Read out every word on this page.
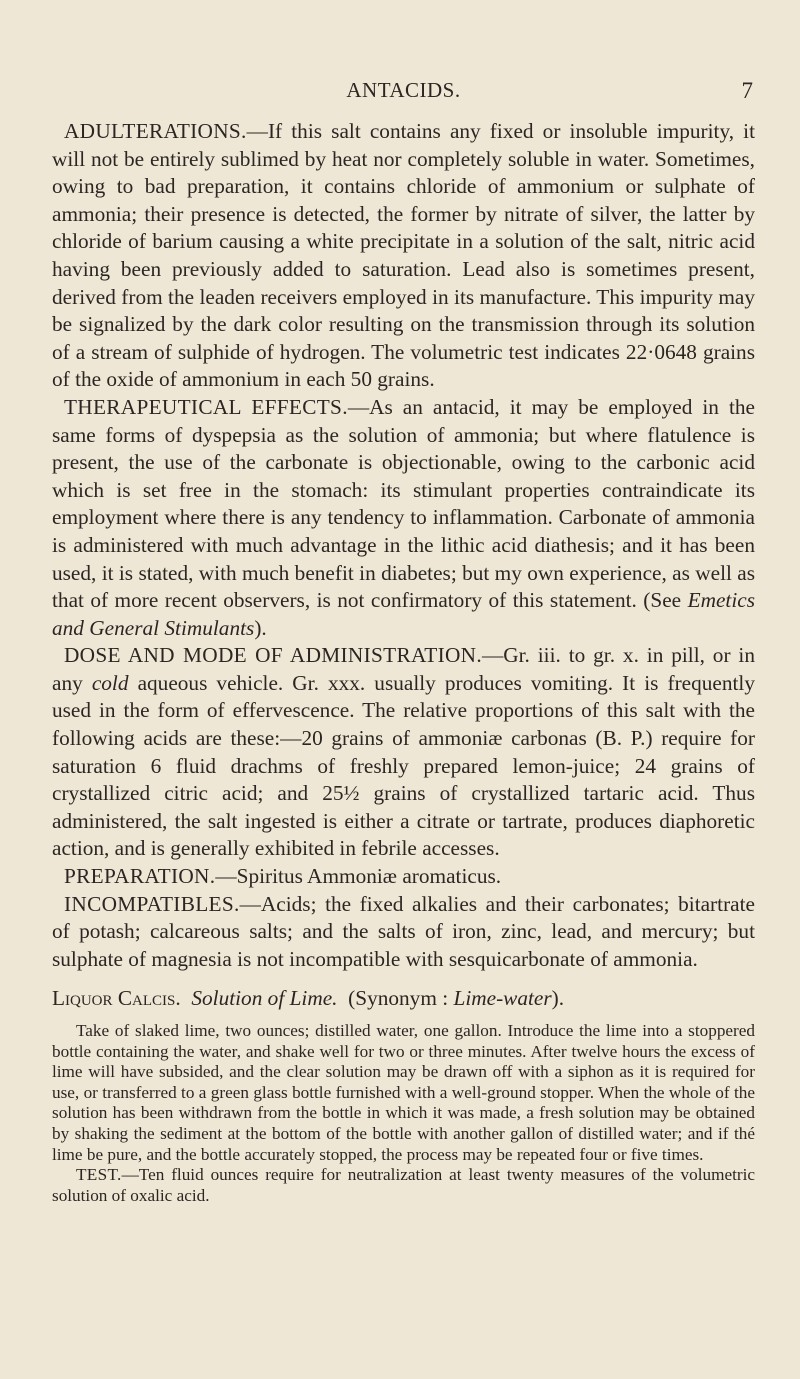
ANTACIDS.	7

ADULTERATIONS.—If this salt contains any fixed or insoluble impurity, it will not be entirely sublimed by heat nor completely soluble in water. Sometimes, owing to bad preparation, it contains chloride of ammonium or sulphate of ammonia; their presence is detected, the former by nitrate of silver, the latter by chloride of barium causing a white precipitate in a solution of the salt, nitric acid having been previously added to saturation. Lead also is sometimes present, derived from the leaden receivers employed in its manufacture. This impurity may be signalized by the dark color resulting on the transmission through its solution of a stream of sulphide of hydrogen. The volumetric test indicates 22·0648 grains of the oxide of ammonium in each 50 grains.

THERAPEUTICAL EFFECTS.—As an antacid, it may be employed in the same forms of dyspepsia as the solution of ammonia; but where flatulence is present, the use of the carbonate is objectionable, owing to the carbonic acid which is set free in the stomach: its stimulant properties contraindicate its employment where there is any tendency to inflammation. Carbonate of ammonia is administered with much advantage in the lithic acid diathesis; and it has been used, it is stated, with much benefit in diabetes; but my own experience, as well as that of more recent observers, is not confirmatory of this statement. (See Emetics and General Stimulants).

DOSE AND MODE OF ADMINISTRATION.—Gr. iii. to gr. x. in pill, or in any cold aqueous vehicle. Gr. xxx. usually produces vomiting. It is frequently used in the form of effervescence. The relative proportions of this salt with the following acids are these:—20 grains of ammoniæ carbonas (B. P.) require for saturation 6 fluid drachms of freshly prepared lemon-juice; 24 grains of crystallized citric acid; and 25½ grains of crystallized tartaric acid. Thus administered, the salt ingested is either a citrate or tartrate, produces diaphoretic action, and is generally exhibited in febrile accesses.

PREPARATION.—Spiritus Ammoniæ aromaticus.

INCOMPATIBLES.—Acids; the fixed alkalies and their carbonates; bitartrate of potash; calcareous salts; and the salts of iron, zinc, lead, and mercury; but sulphate of magnesia is not incompatible with sesquicarbonate of ammonia.

Liquor Calcis. Solution of Lime. (Synonym : Lime-water).

Take of slaked lime, two ounces; distilled water, one gallon. Introduce the lime into a stoppered bottle containing the water, and shake well for two or three minutes. After twelve hours the excess of lime will have subsided, and the clear solution may be drawn off with a siphon as it is required for use, or transferred to a green glass bottle furnished with a well-ground stopper. When the whole of the solution has been withdrawn from the bottle in which it was made, a fresh solution may be obtained by shaking the sediment at the bottom of the bottle with another gallon of distilled water; and if thé lime be pure, and the bottle accurately stopped, the process may be repeated four or five times.

TEST.—Ten fluid ounces require for neutralization at least twenty measures of the volumetric solution of oxalic acid.
